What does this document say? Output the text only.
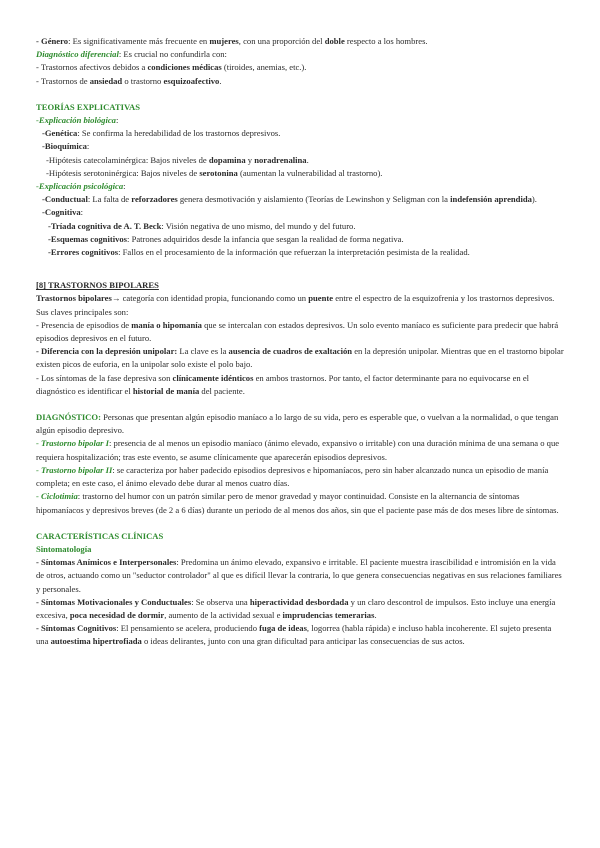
- Género: Es significativamente más frecuente en mujeres, con una proporción del doble respecto a los hombres.

Diagnóstico diferencial: Es crucial no confundirla con:

- Trastornos afectivos debidos a condiciones médicas (tiroides, anemias, etc.).

- Trastornos de ansiedad o trastorno esquizoafectivo.

TEORÍAS EXPLICATIVAS

-Explicación biológica:

-Genética: Se confirma la heredabilidad de los trastornos depresivos.

-Bioquímica:

-Hipótesis catecolaminérgica: Bajos niveles de dopamina y noradrenalina.

-Hipótesis serotoninérgica: Bajos niveles de serotonina (aumentan la vulnerabilidad al trastorno).

-Explicación psicológica:

-Conductual: La falta de reforzadores genera desmotivación y aislamiento (Teorías de Lewinshon y Seligman con la indefensión aprendida).

-Cognitiva:

-Tríada cognitiva de A. T. Beck: Visión negativa de uno mismo, del mundo y del futuro.

-Esquemas cognitivos: Patrones adquiridos desde la infancia que sesgan la realidad de forma negativa.

-Errores cognitivos: Fallos en el procesamiento de la información que refuerzan la interpretación pesimista de la realidad.

[8] TRASTORNOS BIPOLARES

Trastornos bipolares→ categoría con identidad propia, funcionando como un puente entre el espectro de la esquizofrenia y los trastornos depresivos. Sus claves principales son:

- Presencia de episodios de manía o hipomanía que se intercalan con estados depresivos. Un solo evento maníaco es suficiente para predecir que habrá episodios depresivos en el futuro.

- Diferencia con la depresión unipolar: La clave es la ausencia de cuadros de exaltación en la depresión unipolar. Mientras que en el trastorno bipolar existen picos de euforia, en la unipolar solo existe el polo bajo.

- Los síntomas de la fase depresiva son clínicamente idénticos en ambos trastornos. Por tanto, el factor determinante para no equivocarse en el diagnóstico es identificar el historial de manía del paciente.

DIAGNÓSTICO: Personas que presentan algún episodio maníaco a lo largo de su vida, pero es esperable que, o vuelvan a la normalidad, o que tengan algún episodio depresivo.

- Trastorno bipolar I: presencia de al menos un episodio maníaco (ánimo elevado, expansivo o irritable) con una duración mínima de una semana o que requiera hospitalización; tras este evento, se asume clínicamente que aparecerán episodios depresivos.

- Trastorno bipolar II: se caracteriza por haber padecido episodios depresivos e hipomaníacos, pero sin haber alcanzado nunca un episodio de manía completa; en este caso, el ánimo elevado debe durar al menos cuatro días.

- Ciclotimia: trastorno del humor con un patrón similar pero de menor gravedad y mayor continuidad. Consiste en la alternancia de síntomas hipomaníacos y depresivos breves (de 2 a 6 días) durante un periodo de al menos dos años, sin que el paciente pase más de dos meses libre de síntomas.

CARACTERÍSTICAS CLÍNICAS

Sintomatología

- Síntomas Anímicos e Interpersonales: Predomina un ánimo elevado, expansivo e irritable. El paciente muestra irascibilidad e intromisión en la vida de otros, actuando como un "seductor controlador" al que es difícil llevar la contraria, lo que genera consecuencias negativas en sus relaciones familiares y personales.

- Síntomas Motivacionales y Conductuales: Se observa una hiperactividad desbordada y un claro descontrol de impulsos. Esto incluye una energía excesiva, poca necesidad de dormir, aumento de la actividad sexual e imprudencias temerarias.

- Síntomas Cognitivos: El pensamiento se acelera, produciendo fuga de ideas, logorrea (habla rápida) e incluso habla incoherente. El sujeto presenta una autoestima hipertrofiada o ideas delirantes, junto con una gran dificultad para anticipar las consecuencias de sus actos.
